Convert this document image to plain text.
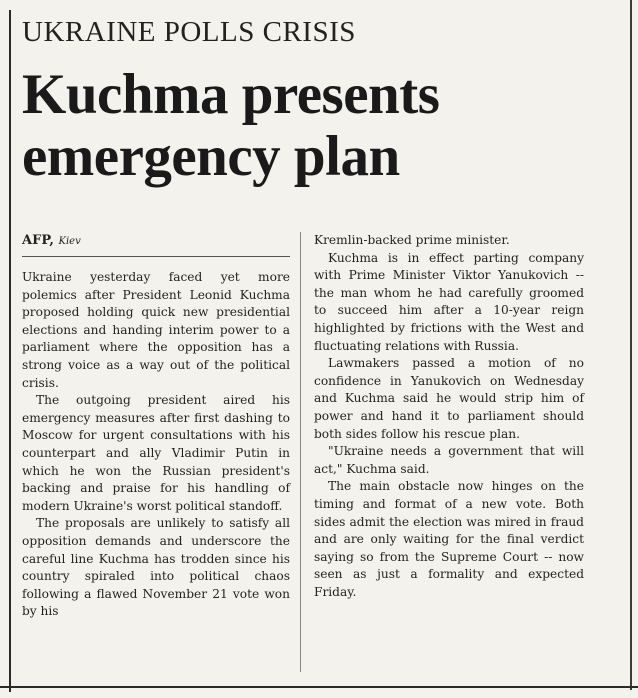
UKRAINE POLLS CRISIS
Kuchma presents emergency plan
AFP, Kiev

Ukraine yesterday faced yet more polemics after President Leonid Kuchma proposed holding quick new presidential elections and handing interim power to a parliament where the opposition has a strong voice as a way out of the political crisis.

The outgoing president aired his emergency measures after first dashing to Moscow for urgent consultations with his counterpart and ally Vladimir Putin in which he won the Russian president's backing and praise for his handling of modern Ukraine's worst political standoff.

The proposals are unlikely to satisfy all opposition demands and underscore the careful line Kuchma has trodden since his country spiraled into political chaos following a flawed November 21 vote won by his

Kremlin-backed prime minister.

Kuchma is in effect parting company with Prime Minister Viktor Yanukovich -- the man whom he had carefully groomed to succeed him after a 10-year reign highlighted by frictions with the West and fluctuating relations with Russia.

Lawmakers passed a motion of no confidence in Yanukovich on Wednesday and Kuchma said he would strip him of power and hand it to parliament should both sides follow his rescue plan.

"Ukraine needs a government that will act," Kuchma said.

The main obstacle now hinges on the timing and format of a new vote. Both sides admit the election was mired in fraud and are only waiting for the final verdict saying so from the Supreme Court -- now seen as just a formality and expected Friday.
